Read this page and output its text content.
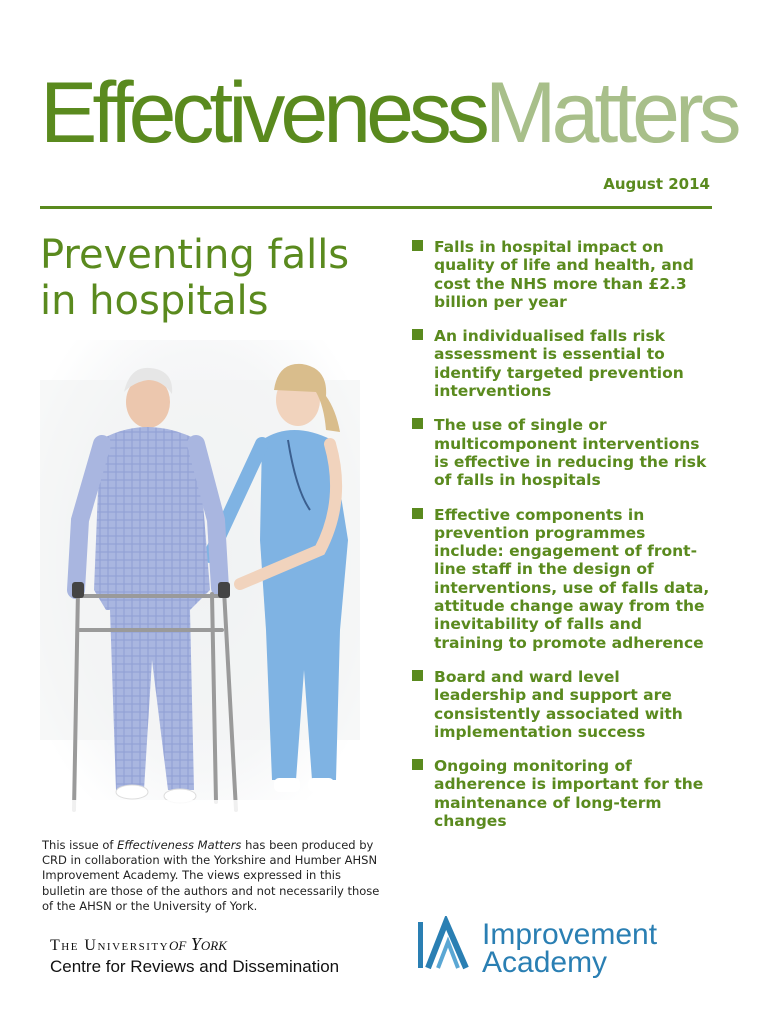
EffectivenessMatters
August 2014
Preventing falls in hospitals
Falls in hospital impact on quality of life and health, and cost the NHS more than £2.3 billion per year
An individualised falls risk assessment is essential to identify targeted prevention interventions
The use of single or multicomponent interventions is effective in reducing the risk of falls in hospitals
Effective components in prevention programmes include: engagement of front-line staff in the design of interventions, use of falls data, attitude change away from the inevitability of falls and training to promote adherence
Board and ward level leadership and support are consistently associated with implementation success
Ongoing monitoring of adherence is important for the maintenance of long-term changes
This issue of Effectiveness Matters has been produced by CRD in collaboration with the Yorkshire and Humber AHSN Improvement Academy. The views expressed in this bulletin are those of the authors and not necessarily those of the AHSN or the University of York.
The Universityof York
Centre for Reviews and Dissemination
Improvement
Academy
